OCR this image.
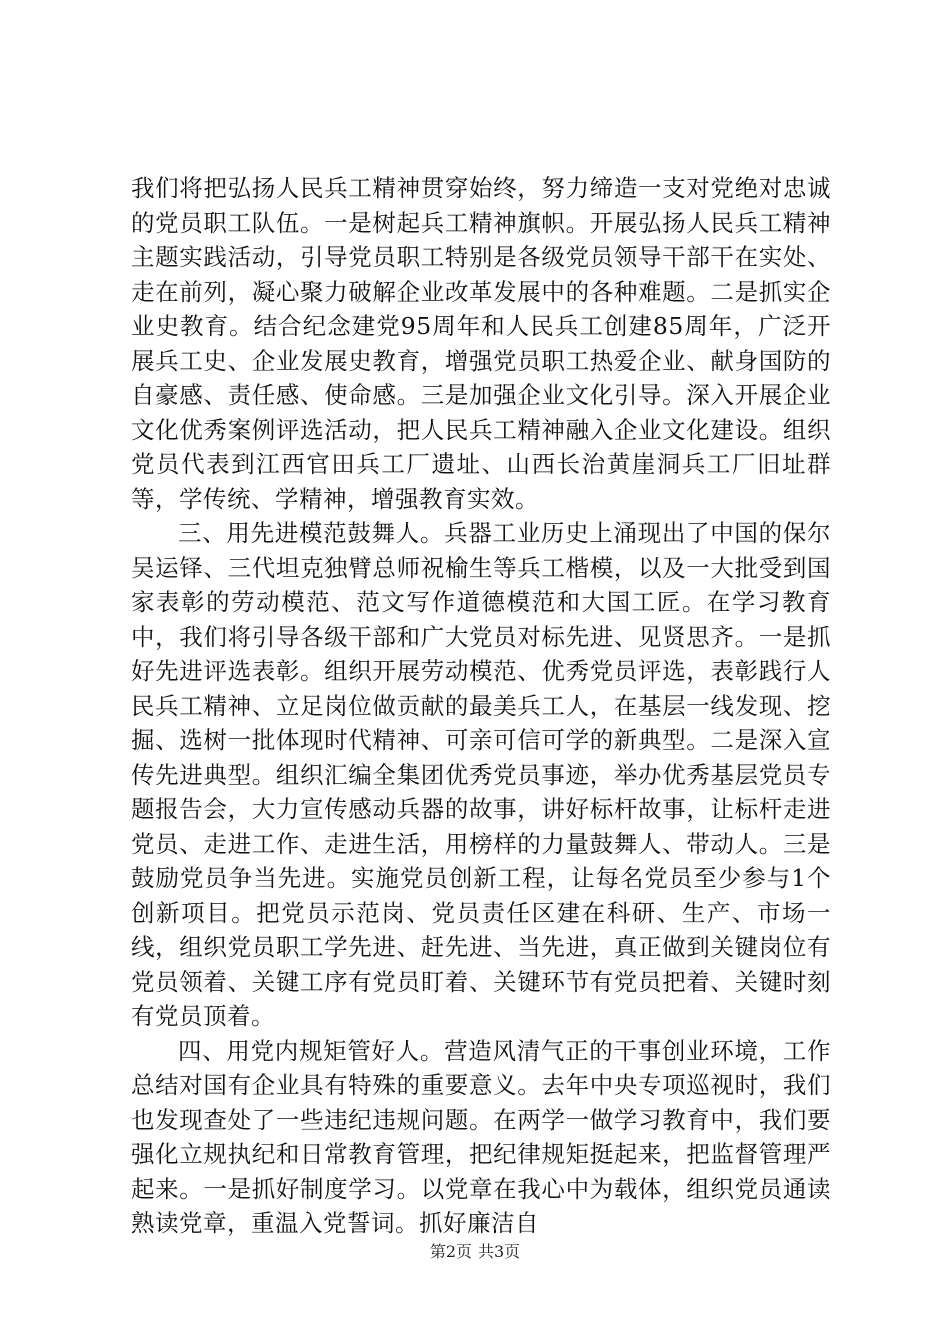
我们将把弘扬人民兵工精神贯穿始终，努力缔造一支对党绝对忠诚的党员职工队伍。一是树起兵工精神旗帜。开展弘扬人民兵工精神主题实践活动，引导党员职工特别是各级党员领导干部干在实处、走在前列，凝心聚力破解企业改革发展中的各种难题。二是抓实企业史教育。结合纪念建党95周年和人民兵工创建85周年，广泛开展兵工史、企业发展史教育，增强党员职工热爱企业、献身国防的自豪感、责任感、使命感。三是加强企业文化引导。深入开展企业文化优秀案例评选活动，把人民兵工精神融入企业文化建设。组织党员代表到江西官田兵工厂遗址、山西长治黄崖洞兵工厂旧址群等，学传统、学精神，增强教育实效。

三、用先进模范鼓舞人。兵器工业历史上涌现出了中国的保尔吴运铎、三代坦克独臂总师祝榆生等兵工楷模，以及一大批受到国家表彰的劳动模范、范文写作道德模范和大国工匠。在学习教育中，我们将引导各级干部和广大党员对标先进、见贤思齐。一是抓好先进评选表彰。组织开展劳动模范、优秀党员评选，表彰践行人民兵工精神、立足岗位做贡献的最美兵工人，在基层一线发现、挖掘、选树一批体现时代精神、可亲可信可学的新典型。二是深入宣传先进典型。组织汇编全集团优秀党员事迹，举办优秀基层党员专题报告会，大力宣传感动兵器的故事，讲好标杆故事，让标杆走进党员、走进工作、走进生活，用榜样的力量鼓舞人、带动人。三是鼓励党员争当先进。实施党员创新工程，让每名党员至少参与1个创新项目。把党员示范岗、党员责任区建在科研、生产、市场一线，组织党员职工学先进、赶先进、当先进，真正做到关键岗位有党员领着、关键工序有党员盯着、关键环节有党员把着、关键时刻有党员顶着。

四、用党内规矩管好人。营造风清气正的干事创业环境，工作总结对国有企业具有特殊的重要意义。去年中央专项巡视时，我们也发现查处了一些违纪违规问题。在两学一做学习教育中，我们要强化立规执纪和日常教育管理，把纪律规矩挺起来，把监督管理严起来。一是抓好制度学习。以党章在我心中为载体，组织党员通读熟读党章，重温入党誓词。抓好廉洁自

第2页 共3页
